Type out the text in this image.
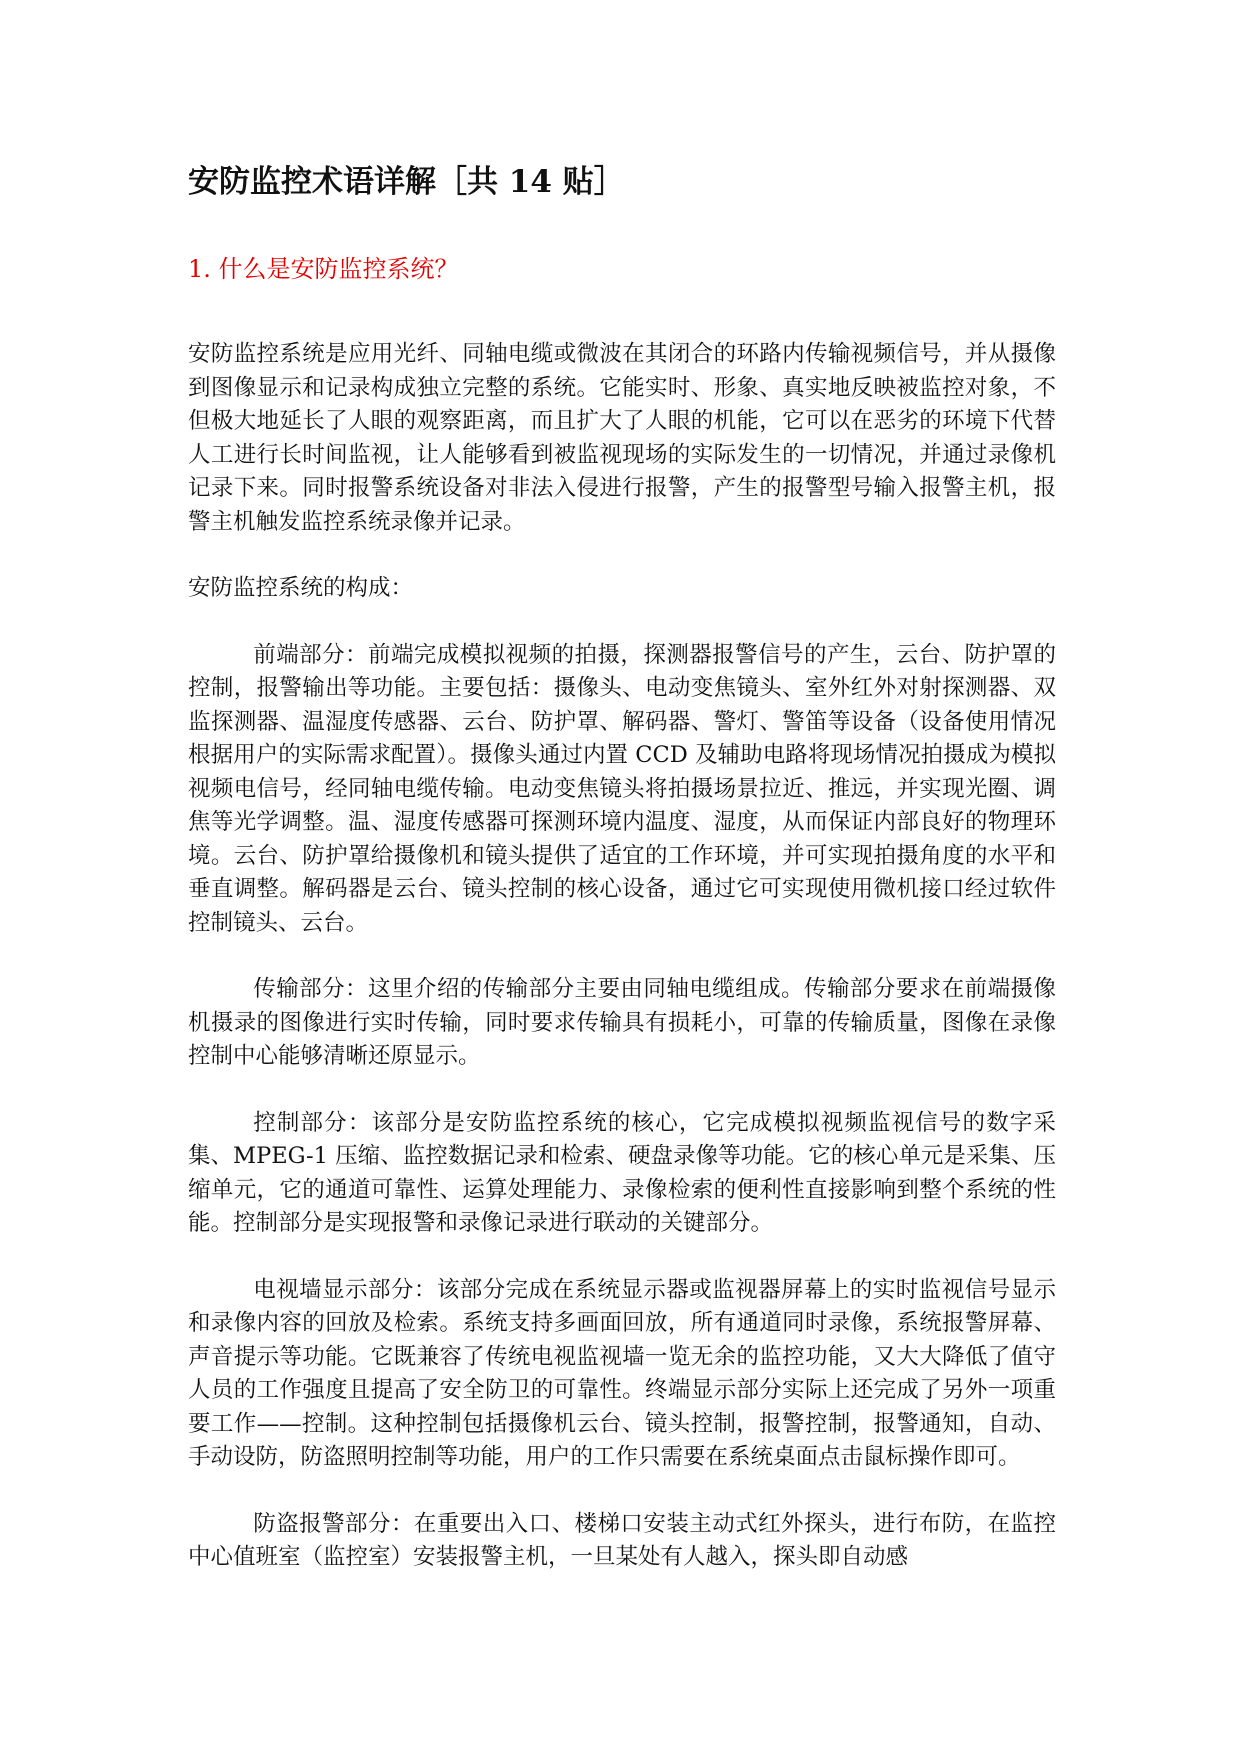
安防监控术语详解［共 14 贴］
1. 什么是安防监控系统？

安防监控系统是应用光纤、同轴电缆或微波在其闭合的环路内传输视频信号，并从摄像到图像显示和记录构成独立完整的系统。它能实时、形象、真实地反映被监控对象，不但极大地延长了人眼的观察距离，而且扩大了人眼的机能，它可以在恶劣的环境下代替人工进行长时间监视，让人能够看到被监视现场的实际发生的一切情况，并通过录像机记录下来。同时报警系统设备对非法入侵进行报警，产生的报警型号输入报警主机，报警主机触发监控系统录像并记录。

安防监控系统的构成：

前端部分：前端完成模拟视频的拍摄，探测器报警信号的产生，云台、防护罩的控制，报警输出等功能。主要包括：摄像头、电动变焦镜头、室外红外对射探测器、双监探测器、温湿度传感器、云台、防护罩、解码器、警灯、警笛等设备（设备使用情况根据用户的实际需求配置）。摄像头通过内置 CCD 及辅助电路将现场情况拍摄成为模拟视频电信号，经同轴电缆传输。电动变焦镜头将拍摄场景拉近、推远，并实现光圈、调焦等光学调整。温、湿度传感器可探测环境内温度、湿度，从而保证内部良好的物理环境。云台、防护罩给摄像机和镜头提供了适宜的工作环境，并可实现拍摄角度的水平和垂直调整。解码器是云台、镜头控制的核心设备，通过它可实现使用微机接口经过软件控制镜头、云台。

传输部分：这里介绍的传输部分主要由同轴电缆组成。传输部分要求在前端摄像机摄录的图像进行实时传输，同时要求传输具有损耗小，可靠的传输质量，图像在录像控制中心能够清晰还原显示。

控制部分：该部分是安防监控系统的核心，它完成模拟视频监视信号的数字采集、MPEG-1 压缩、监控数据记录和检索、硬盘录像等功能。它的核心单元是采集、压缩单元，它的通道可靠性、运算处理能力、录像检索的便利性直接影响到整个系统的性能。控制部分是实现报警和录像记录进行联动的关键部分。

电视墙显示部分：该部分完成在系统显示器或监视器屏幕上的实时监视信号显示和录像内容的回放及检索。系统支持多画面回放，所有通道同时录像，系统报警屏幕、声音提示等功能。它既兼容了传统电视监视墙一览无余的监控功能，又大大降低了值守人员的工作强度且提高了安全防卫的可靠性。终端显示部分实际上还完成了另外一项重要工作——控制。这种控制包括摄像机云台、镜头控制，报警控制，报警通知，自动、手动设防，防盗照明控制等功能，用户的工作只需要在系统桌面点击鼠标操作即可。

防盗报警部分：在重要出入口、楼梯口安装主动式红外探头，进行布防，在监控中心值班室（监控室）安装报警主机，一旦某处有人越入，探头即自动感
